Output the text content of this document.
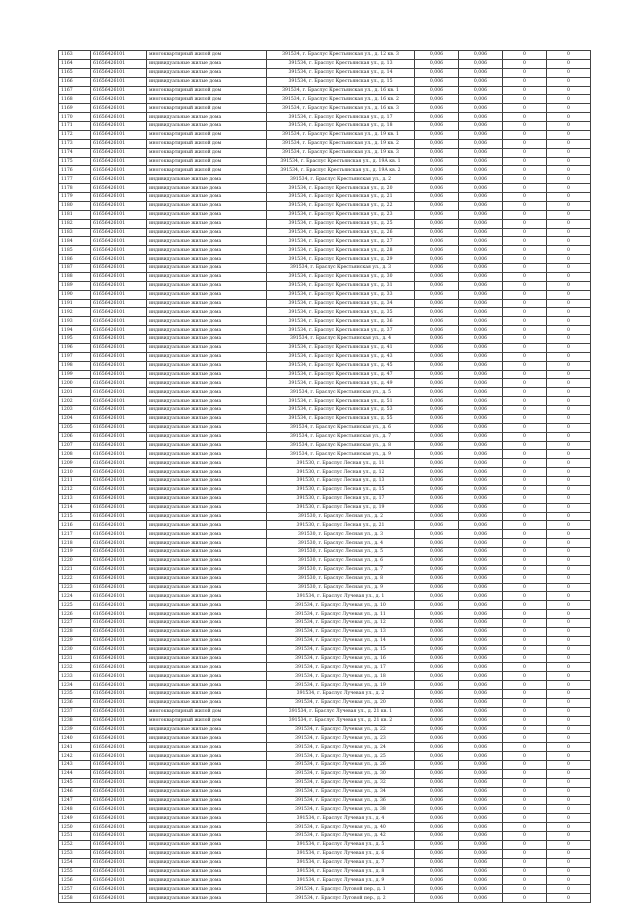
1163	61656426101	многоквартирный жилой дом	391534, г. Браслус Крестьянская ул., д. 12 кв. 3	0,006	0,006	0	0
1164	61656426101	индивидуальные жилые дома	391534, г. Браслус Крестьянская ул., д. 13	0,006	0,006	0	0
1165	61656426101	индивидуальные жилые дома	391534, г. Браслус Крестьянская ул., д. 14	0,006	0,006	0	0
1166	61656426101	индивидуальные жилые дома	391534, г. Браслус Крестьянская ул., д. 15	0,006	0,006	0	0
1167	61656426101	многоквартирный жилой дом	391534, г. Браслус Крестьянская ул., д. 16 кв. 1	0,006	0,006	0	0
1168	61656426101	многоквартирный жилой дом	391534, г. Браслус Крестьянская ул., д. 16 кв. 2	0,006	0,006	0	0
1169	61656426101	многоквартирный жилой дом	391534, г. Браслус Крестьянская ул., д. 16 кв. 3	0,006	0,006	0	0
1170	61656426101	индивидуальные жилые дома	391534, г. Браслус Крестьянская ул., д. 17	0,006	0,006	0	0
1171	61656426101	индивидуальные жилые дома	391534, г. Браслус Крестьянская ул., д. 18	0,006	0,006	0	0
1172	61656426101	многоквартирный жилой дом	391534, г. Браслус Крестьянская ул., д. 19 кв. 1	0,006	0,006	0	0
1173	61656426101	многоквартирный жилой дом	391534, г. Браслус Крестьянская ул., д. 19 кв. 2	0,006	0,006	0	0
1174	61656426101	многоквартирный жилой дом	391534, г. Браслус Крестьянская ул., д. 19 кв. 3	0,006	0,006	0	0
1175	61656426101	многоквартирный жилой дом	391534, г. Браслус Крестьянская ул., д. 19А кв. 1	0,006	0,006	0	0
1176	61656426101	многоквартирный жилой дом	391534, г. Браслус Крестьянская ул., д. 19А кв. 2	0,006	0,006	0	0
1177	61656426101	индивидуальные жилые дома	391534, г. Браслус Крестьянская ул., д. 2	0,006	0,006	0	0
1178	61656426101	индивидуальные жилые дома	391534, г. Браслус Крестьянская ул., д. 20	0,006	0,006	0	0
1179	61656426101	индивидуальные жилые дома	391534, г. Браслус Крестьянская ул., д. 21	0,006	0,006	0	0
1180	61656426101	индивидуальные жилые дома	391534, г. Браслус Крестьянская ул., д. 22	0,006	0,006	0	0
1181	61656426101	индивидуальные жилые дома	391534, г. Браслус Крестьянская ул., д. 23	0,006	0,006	0	0
1182	61656426101	индивидуальные жилые дома	391534, г. Браслус Крестьянская ул., д. 25	0,006	0,006	0	0
1183	61656426101	индивидуальные жилые дома	391534, г. Браслус Крестьянская ул., д. 26	0,006	0,006	0	0
1184	61656426101	индивидуальные жилые дома	391534, г. Браслус Крестьянская ул., д. 27	0,006	0,006	0	0
1185	61656426101	индивидуальные жилые дома	391534, г. Браслус Крестьянская ул., д. 28	0,006	0,006	0	0
1186	61656426101	индивидуальные жилые дома	391534, г. Браслус Крестьянская ул., д. 29	0,006	0,006	0	0
1187	61656426101	индивидуальные жилые дома	391534, г. Браслус Крестьянская ул., д. 3	0,006	0,006	0	0
1188	61656426101	индивидуальные жилые дома	391534, г. Браслус Крестьянская ул., д. 30	0,006	0,006	0	0
1189	61656426101	индивидуальные жилые дома	391534, г. Браслус Крестьянская ул., д. 31	0,006	0,006	0	0
1190	61656426101	индивидуальные жилые дома	391534, г. Браслус Крестьянская ул., д. 33	0,006	0,006	0	0
1191	61656426101	индивидуальные жилые дома	391534, г. Браслус Крестьянская ул., д. 34	0,006	0,006	0	0
1192	61656426101	индивидуальные жилые дома	391534, г. Браслус Крестьянская ул., д. 35	0,006	0,006	0	0
1193	61656426101	индивидуальные жилые дома	391534, г. Браслус Крестьянская ул., д. 36	0,006	0,006	0	0
1194	61656426101	индивидуальные жилые дома	391534, г. Браслус Крестьянская ул., д. 37	0,006	0,006	0	0
1195	61656426101	индивидуальные жилые дома	391534, г. Браслус Крестьянская ул., д. 4	0,006	0,006	0	0
1196	61656426101	индивидуальные жилые дома	391534, г. Браслус Крестьянская ул., д. 41	0,006	0,006	0	0
1197	61656426101	индивидуальные жилые дома	391534, г. Браслус Крестьянская ул., д. 43	0,006	0,006	0	0
1198	61656426101	индивидуальные жилые дома	391534, г. Браслус Крестьянская ул., д. 45	0,006	0,006	0	0
1199	61656426101	индивидуальные жилые дома	391534, г. Браслус Крестьянская ул., д. 47	0,006	0,006	0	0
1200	61656426101	индивидуальные жилые дома	391534, г. Браслус Крестьянская ул., д. 49	0,006	0,006	0	0
1201	61656426101	индивидуальные жилые дома	391534, г. Браслус Крестьянская ул., д. 5	0,006	0,006	0	0
1202	61656426101	индивидуальные жилые дома	391534, г. Браслус Крестьянская ул., д. 51	0,006	0,006	0	0
1203	61656426101	индивидуальные жилые дома	391534, г. Браслус Крестьянская ул., д. 53	0,006	0,006	0	0
1204	61656426101	индивидуальные жилые дома	391534, г. Браслус Крестьянская ул., д. 55	0,006	0,006	0	0
1205	61656426101	индивидуальные жилые дома	391534, г. Браслус Крестьянская ул., д. 6	0,006	0,006	0	0
1206	61656426101	индивидуальные жилые дома	391534, г. Браслус Крестьянская ул., д. 7	0,006	0,006	0	0
1207	61656426101	индивидуальные жилые дома	391534, г. Браслус Крестьянская ул., д. 8	0,006	0,006	0	0
1208	61656426101	индивидуальные жилые дома	391534, г. Браслус Крестьянская ул., д. 9	0,006	0,006	0	0
1209	61656426101	индивидуальные жилые дома	391530, г. Браслус Лесная ул., д. 11	0,006	0,006	0	0
1210	61656426101	индивидуальные жилые дома	391530, г. Браслус Лесная ул., д. 12	0,006	0,006	0	0
1211	61656426101	индивидуальные жилые дома	391530, г. Браслус Лесная ул., д. 13	0,006	0,006	0	0
1212	61656426101	индивидуальные жилые дома	391530, г. Браслус Лесная ул., д. 15	0,006	0,006	0	0
1213	61656426101	индивидуальные жилые дома	391530, г. Браслус Лесная ул., д. 17	0,006	0,006	0	0
1214	61656426101	индивидуальные жилые дома	391530, г. Браслус Лесная ул., д. 19	0,006	0,006	0	0
1215	61656426101	индивидуальные жилые дома	391530, г. Браслус Лесная ул., д. 2	0,006	0,006	0	0
1216	61656426101	индивидуальные жилые дома	391530, г. Браслус Лесная ул., д. 21	0,006	0,006	0	0
1217	61656426101	индивидуальные жилые дома	391530, г. Браслус Лесная ул., д. 3	0,006	0,006	0	0
1218	61656426101	индивидуальные жилые дома	391530, г. Браслус Лесная ул., д. 4	0,006	0,006	0	0
1219	61656426101	индивидуальные жилые дома	391530, г. Браслус Лесная ул., д. 5	0,006	0,006	0	0
1220	61656426101	индивидуальные жилые дома	391530, г. Браслус Лесная ул., д. 6	0,006	0,006	0	0
1221	61656426101	индивидуальные жилые дома	391530, г. Браслус Лесная ул., д. 7	0,006	0,006	0	0
1222	61656426101	индивидуальные жилые дома	391530, г. Браслус Лесная ул., д. 8	0,006	0,006	0	0
1223	61656426101	индивидуальные жилые дома	391530, г. Браслус Лесная ул., д. 9	0,006	0,006	0	0
1224	61656426101	индивидуальные жилые дома	391534, г. Браслус Лучевая ул., д. 1	0,006	0,006	0	0
1225	61656426101	индивидуальные жилые дома	391534, г. Браслус Лучевая ул., д. 10	0,006	0,006	0	0
1226	61656426101	индивидуальные жилые дома	391534, г. Браслус Лучевая ул., д. 11	0,006	0,006	0	0
1227	61656426101	индивидуальные жилые дома	391534, г. Браслус Лучевая ул., д. 12	0,006	0,006	0	0
1228	61656426101	индивидуальные жилые дома	391534, г. Браслус Лучевая ул., д. 13	0,006	0,006	0	0
1229	61656426101	индивидуальные жилые дома	391534, г. Браслус Лучевая ул., д. 14	0,006	0,006	0	0
1230	61656426101	индивидуальные жилые дома	391534, г. Браслус Лучевая ул., д. 15	0,006	0,006	0	0
1231	61656426101	индивидуальные жилые дома	391534, г. Браслус Лучевая ул., д. 16	0,006	0,006	0	0
1232	61656426101	индивидуальные жилые дома	391534, г. Браслус Лучевая ул., д. 17	0,006	0,006	0	0
1233	61656426101	индивидуальные жилые дома	391534, г. Браслус Лучевая ул., д. 18	0,006	0,006	0	0
1234	61656426101	индивидуальные жилые дома	391534, г. Браслус Лучевая ул., д. 19	0,006	0,006	0	0
1235	61656426101	индивидуальные жилые дома	391534, г. Браслус Лучевая ул., д. 2	0,006	0,006	0	0
1236	61656426101	индивидуальные жилые дома	391534, г. Браслус Лучевая ул., д. 20	0,006	0,006	0	0
1237	61656426101	многоквартирный жилой дом	391534, г. Браслус Лучевая ул., д. 21 кв. 1	0,006	0,006	0	0
1238	61656426101	многоквартирный жилой дом	391534, г. Браслус Лучевая ул., д. 21 кв. 2	0,006	0,006	0	0
1239	61656426101	индивидуальные жилые дома	391534, г. Браслус Лучевая ул., д. 22	0,006	0,006	0	0
1240	61656426101	индивидуальные жилые дома	391534, г. Браслус Лучевая ул., д. 23	0,006	0,006	0	0
1241	61656426101	индивидуальные жилые дома	391534, г. Браслус Лучевая ул., д. 24	0,006	0,006	0	0
1242	61656426101	индивидуальные жилые дома	391534, г. Браслус Лучевая ул., д. 25	0,006	0,006	0	0
1243	61656426101	индивидуальные жилые дома	391534, г. Браслус Лучевая ул., д. 26	0,006	0,006	0	0
1244	61656426101	индивидуальные жилые дома	391534, г. Браслус Лучевая ул., д. 30	0,006	0,006	0	0
1245	61656426101	индивидуальные жилые дома	391534, г. Браслус Лучевая ул., д. 32	0,006	0,006	0	0
1246	61656426101	индивидуальные жилые дома	391534, г. Браслус Лучевая ул., д. 34	0,006	0,006	0	0
1247	61656426101	индивидуальные жилые дома	391534, г. Браслус Лучевая ул., д. 36	0,006	0,006	0	0
1248	61656426101	индивидуальные жилые дома	391534, г. Браслус Лучевая ул., д. 38	0,006	0,006	0	0
1249	61656426101	индивидуальные жилые дома	391534, г. Браслус Лучевая ул., д. 4	0,006	0,006	0	0
1250	61656426101	индивидуальные жилые дома	391534, г. Браслус Лучевая ул., д. 40	0,006	0,006	0	0
1251	61656426101	индивидуальные жилые дома	391534, г. Браслус Лучевая ул., д. 42	0,006	0,006	0	0
1252	61656426101	индивидуальные жилые дома	391534, г. Браслус Лучевая ул., д. 5	0,006	0,006	0	0
1253	61656426101	индивидуальные жилые дома	391534, г. Браслус Лучевая ул., д. 6	0,006	0,006	0	0
1254	61656426101	индивидуальные жилые дома	391534, г. Браслус Лучевая ул., д. 7	0,006	0,006	0	0
1255	61656426101	индивидуальные жилые дома	391534, г. Браслус Лучевая ул., д. 8	0,006	0,006	0	0
1256	61656426101	индивидуальные жилые дома	391534, г. Браслус Лучевая ул., д. 9	0,006	0,006	0	0
1257	61656426101	индивидуальные жилые дома	391534, г. Браслус Луговой пер., д. 1	0,006	0,006	0	0
1258	61656426101	индивидуальные жилые дома	391534, г. Браслус Луговой пер., д. 2	0,006	0,006	0	0
